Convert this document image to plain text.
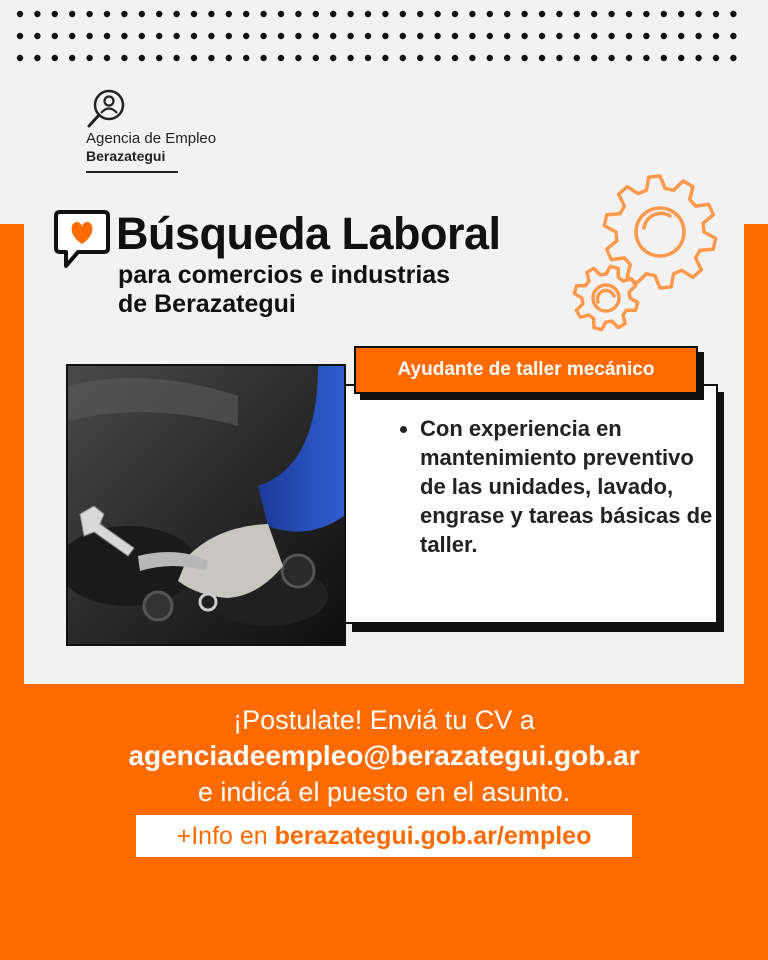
Agencia de Empleo
Berazategui
Búsqueda Laboral
para comercios e industrias
de Berazategui
• Con experiencia en mantenimiento preventivo de las unidades, lavado, engrase y tareas básicas de taller.
Ayudante de taller mecánico
¡Postulate! Enviá tu CV a
agenciadeempleo@berazategui.gob.ar
e indicá el puesto en el asunto.
+Info en berazategui.gob.ar/empleo
